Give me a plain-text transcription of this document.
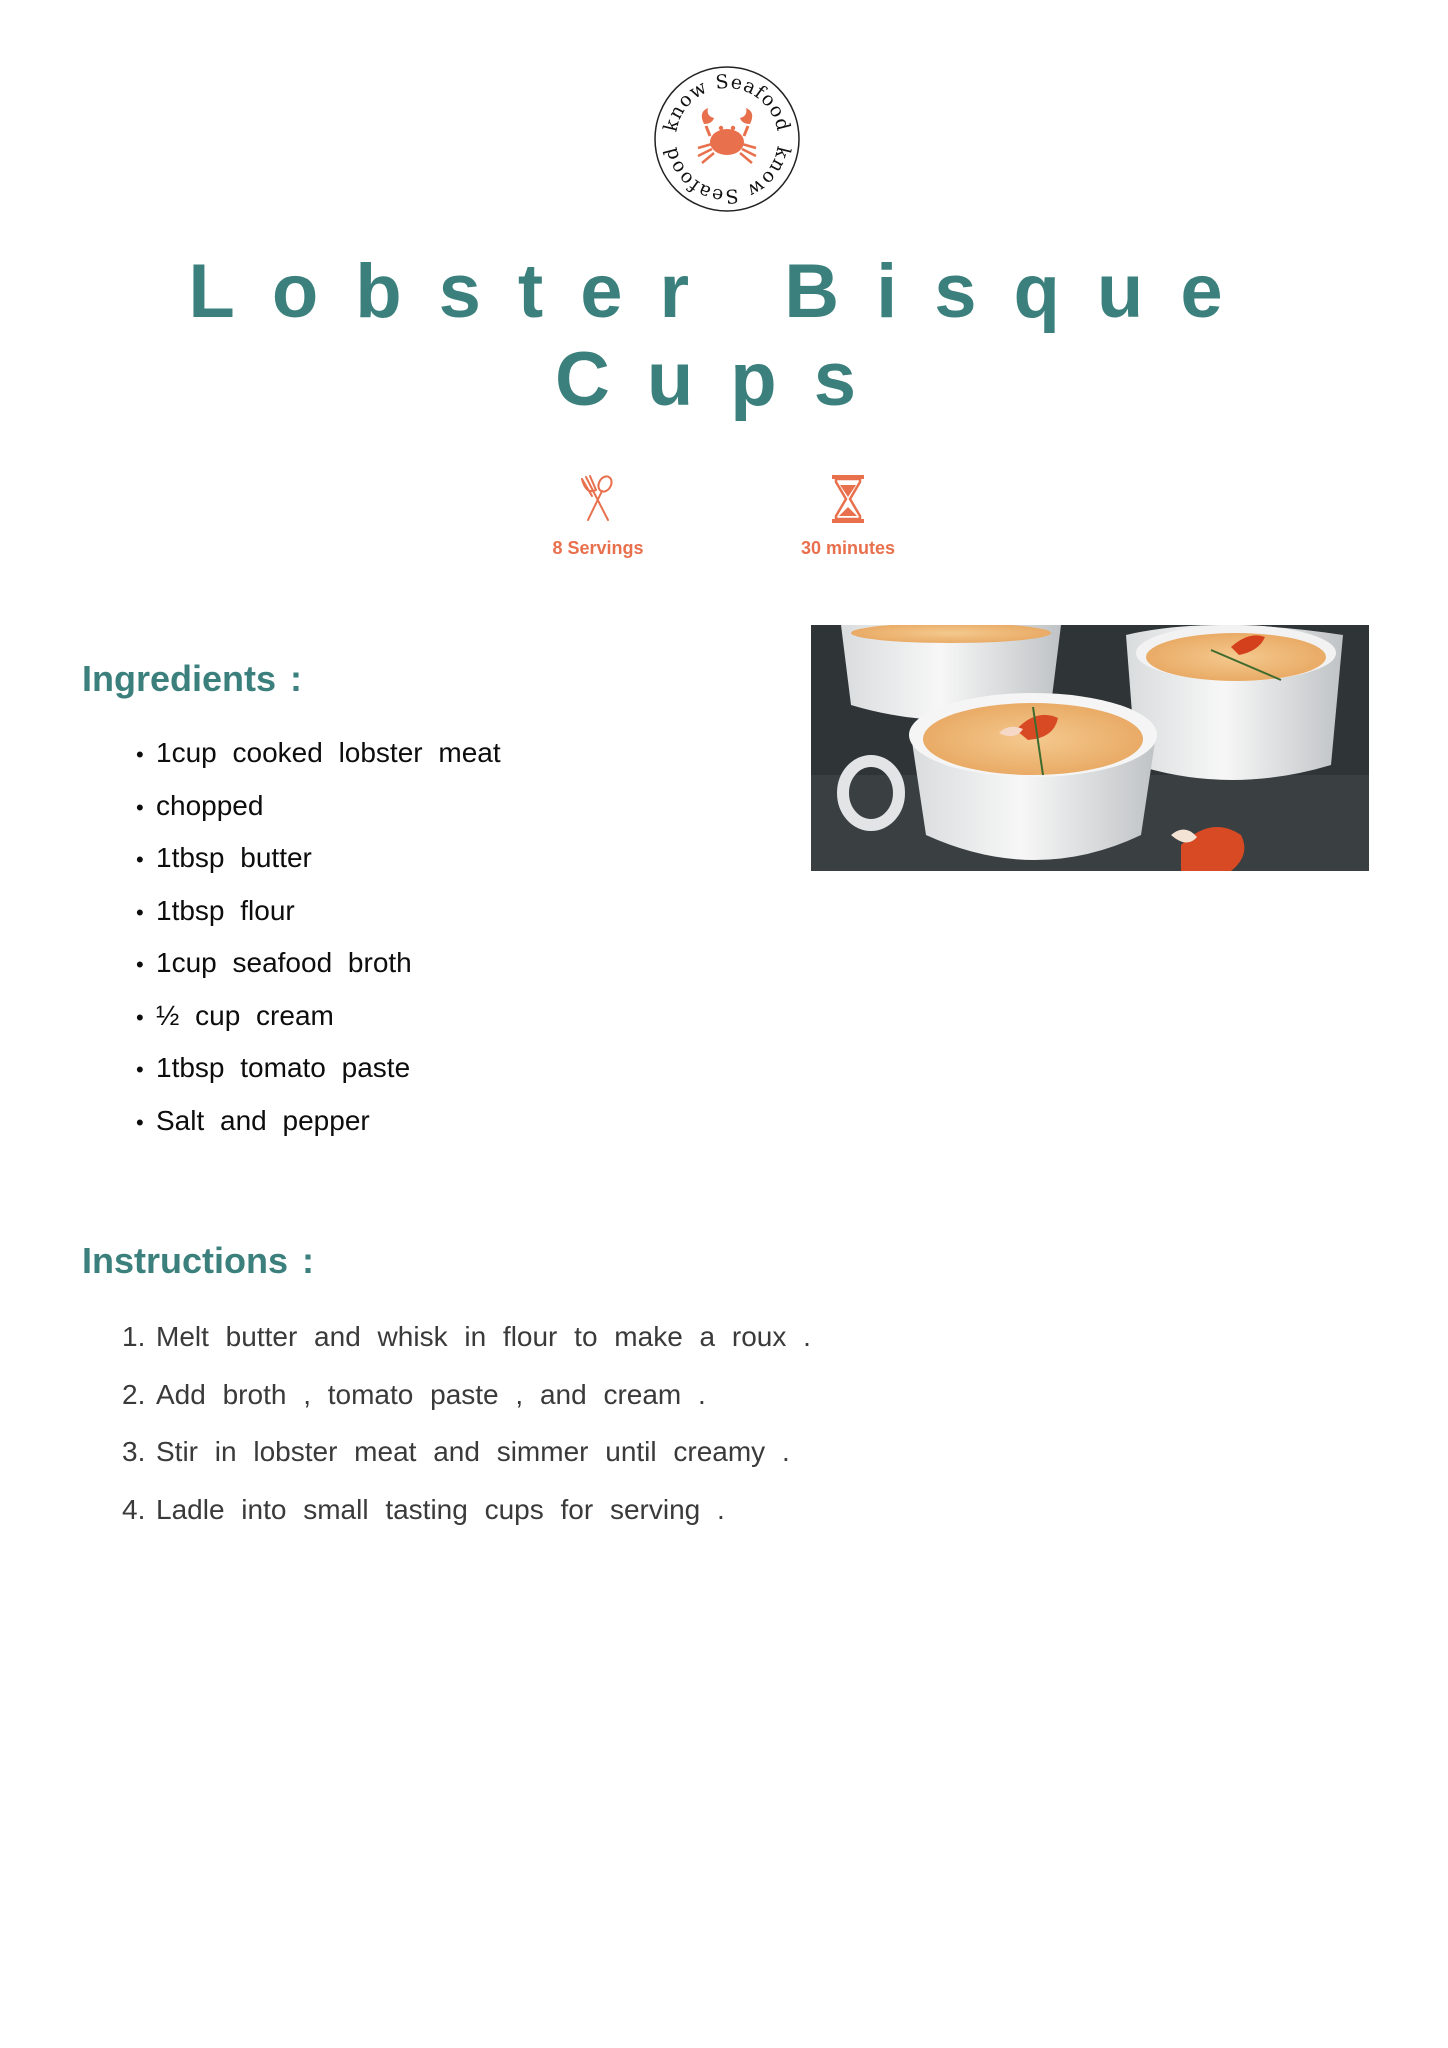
know Seafood
know Seafood
Lobster Bisque
Cups
8 Servings	30 minutes
Ingredients :
• 1cup cooked lobster meat
• chopped
• 1tbsp butter
• 1tbsp flour
• 1cup seafood broth
• ½ cup cream
• 1tbsp tomato paste
• Salt and pepper
Instructions :
1. Melt butter and whisk in flour to make a roux .
2. Add broth , tomato paste , and cream .
3. Stir in lobster meat and simmer until creamy .
4. Ladle into small tasting cups for serving .
